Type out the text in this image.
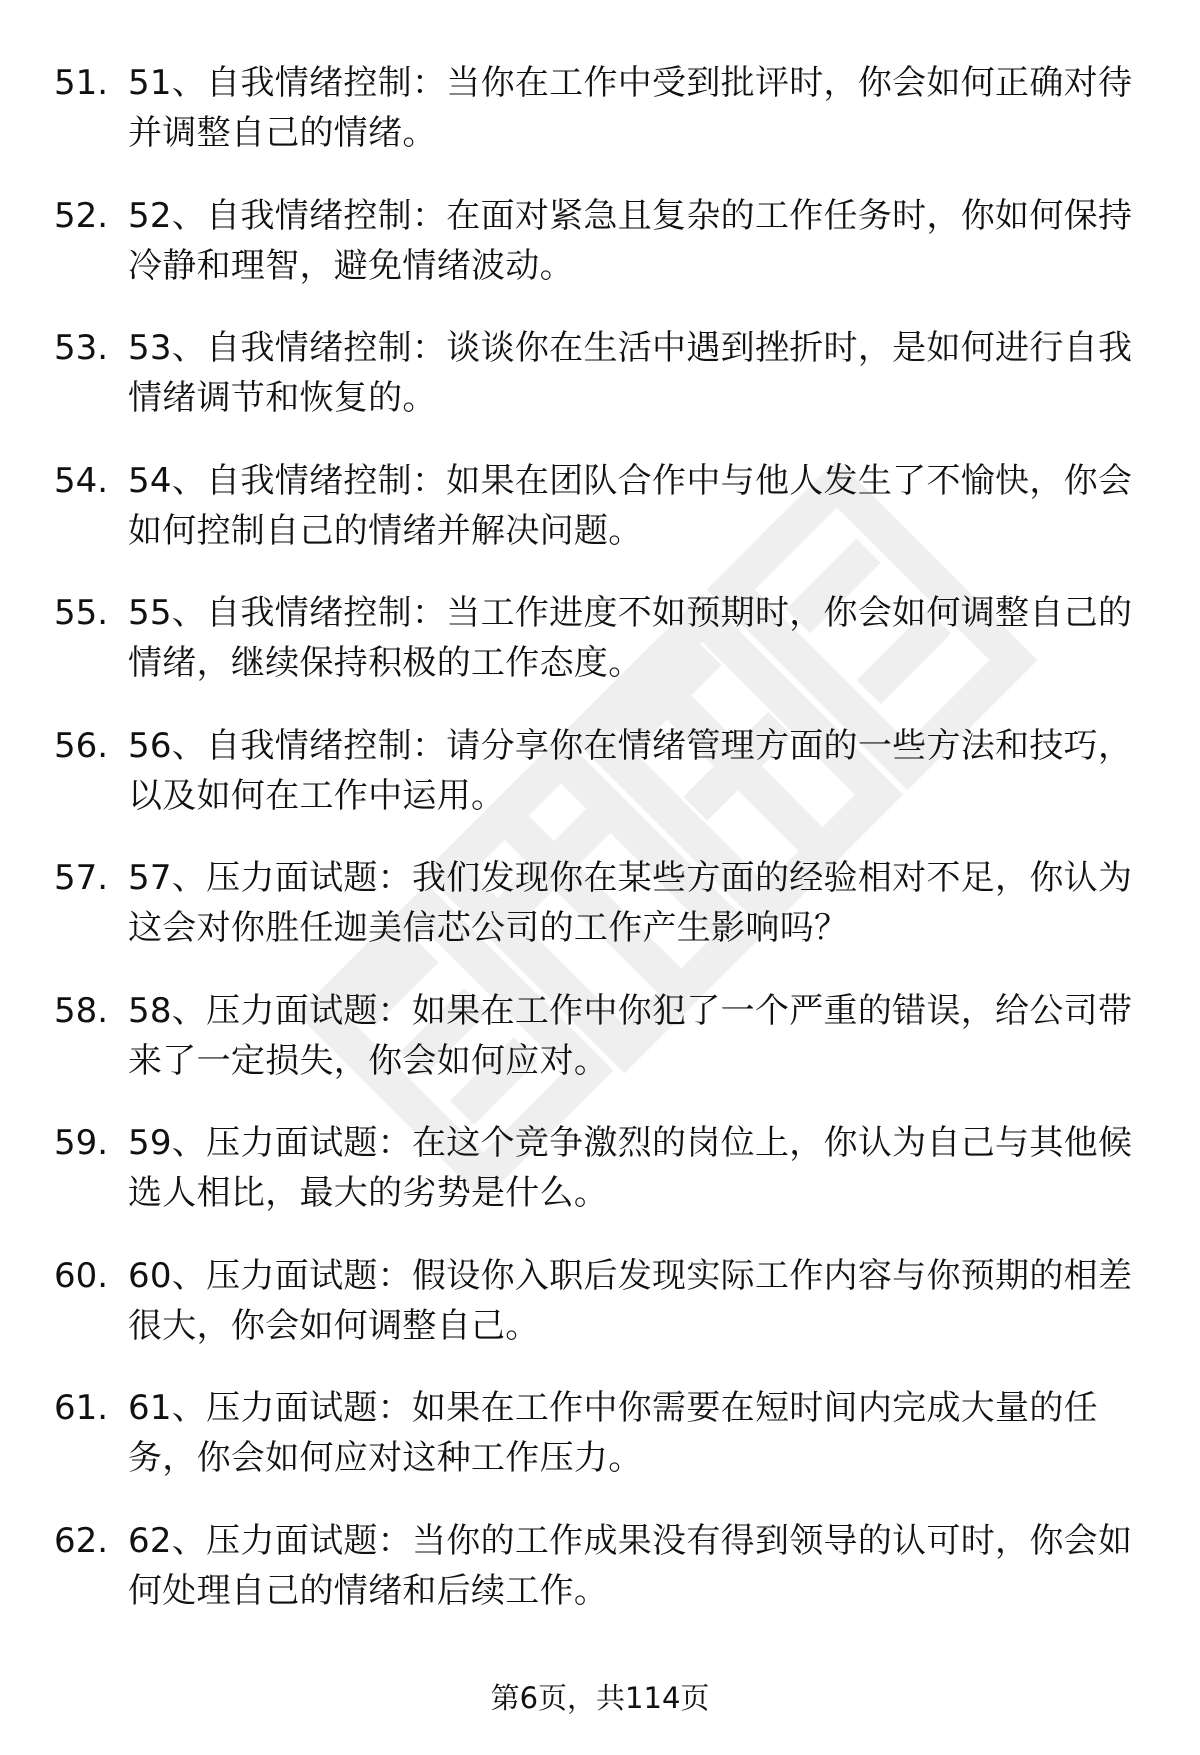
51. 51、自我情绪控制：当你在工作中受到批评时，你会如何正确对待并调整自己的情绪。
52. 52、自我情绪控制：在面对紧急且复杂的工作任务时，你如何保持冷静和理智，避免情绪波动。
53. 53、自我情绪控制：谈谈你在生活中遇到挫折时，是如何进行自我情绪调节和恢复的。
54. 54、自我情绪控制：如果在团队合作中与他人发生了不愉快，你会如何控制自己的情绪并解决问题。
55. 55、自我情绪控制：当工作进度不如预期时，你会如何调整自己的情绪，继续保持积极的工作态度。
56. 56、自我情绪控制：请分享你在情绪管理方面的一些方法和技巧，以及如何在工作中运用。
57. 57、压力面试题：我们发现你在某些方面的经验相对不足，你认为这会对你胜任迦美信芯公司的工作产生影响吗？
58. 58、压力面试题：如果在工作中你犯了一个严重的错误，给公司带来了一定损失，你会如何应对。
59. 59、压力面试题：在这个竞争激烈的岗位上，你认为自己与其他候选人相比，最大的劣势是什么。
60. 60、压力面试题：假设你入职后发现实际工作内容与你预期的相差很大，你会如何调整自己。
61. 61、压力面试题：如果在工作中你需要在短时间内完成大量的任务，你会如何应对这种工作压力。
62. 62、压力面试题：当你的工作成果没有得到领导的认可时，你会如何处理自己的情绪和后续工作。
第6页，共114页
